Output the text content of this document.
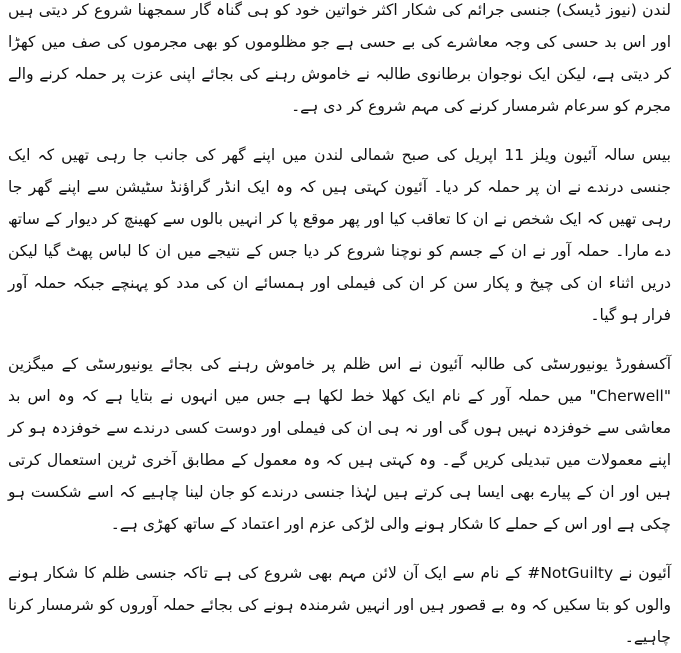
لندن (نیوز ڈیسک) جنسی جرائم کی شکار اکثر خواتین خود کو ہی گناہ گار سمجھنا شروع کر دیتی ہیں اور اس بد حسی کی وجہ معاشرے کی بے حسی ہے جو مظلوموں کو بھی مجرموں کی صف میں کھڑا کر دیتی ہے، لیکن ایک نوجوان برطانوی طالبہ نے خاموش رہنے کی بجائے اپنی عزت پر حملہ کرنے والے مجرم کو سرعام شرمسار کرنے کی مہم شروع کر دی ہے۔

بیس سالہ آئیون ویلز 11 اپریل کی صبح شمالی لندن میں اپنے گھر کی جانب جا رہی تھیں کہ ایک جنسی درندے نے ان پر حملہ کر دیا۔ آئیون کہتی ہیں کہ وہ ایک انڈر گراؤنڈ سٹیشن سے اپنے گھر جا رہی تھیں کہ ایک شخص نے ان کا تعاقب کیا اور پھر موقع پا کر انہیں بالوں سے کھینچ کر دیوار کے ساتھ دے مارا۔ حملہ آور نے ان کے جسم کو نوچنا شروع کر دیا جس کے نتیجے میں ان کا لباس پھٹ گیا لیکن دریں اثناء ان کی چیخ و پکار سن کر ان کی فیملی اور ہمسائے ان کی مدد کو پہنچے جبکہ حملہ آور فرار ہو گیا۔

آکسفورڈ یونیورسٹی کی طالبہ آئیون نے اس ظلم پر خاموش رہنے کی بجائے یونیورسٹی کے میگزین "Cherwell" میں حملہ آور کے نام ایک کھلا خط لکھا ہے جس میں انہوں نے بتایا ہے کہ وہ اس بد معاشی سے خوفزدہ نہیں ہوں گی اور نہ ہی ان کی فیملی اور دوست کسی درندے سے خوفزدہ ہو کر اپنے معمولات میں تبدیلی کریں گے۔ وہ کہتی ہیں کہ وہ معمول کے مطابق آخری ٹرین استعمال کرتی ہیں اور ان کے پیارے بھی ایسا ہی کرتے ہیں لہٰذا جنسی درندے کو جان لینا چاہیے کہ اسے شکست ہو چکی ہے اور اس کے حملے کا شکار ہونے والی لڑکی عزم اور اعتماد کے ساتھ کھڑی ہے۔

آئیون نے NotGuilty# کے نام سے ایک آن لائن مہم بھی شروع کی ہے تاکہ جنسی ظلم کا شکار ہونے والوں کو بتا سکیں کہ وہ بے قصور ہیں اور انہیں شرمندہ ہونے کی بجائے حملہ آوروں کو شرمسار کرنا چاہیے۔
